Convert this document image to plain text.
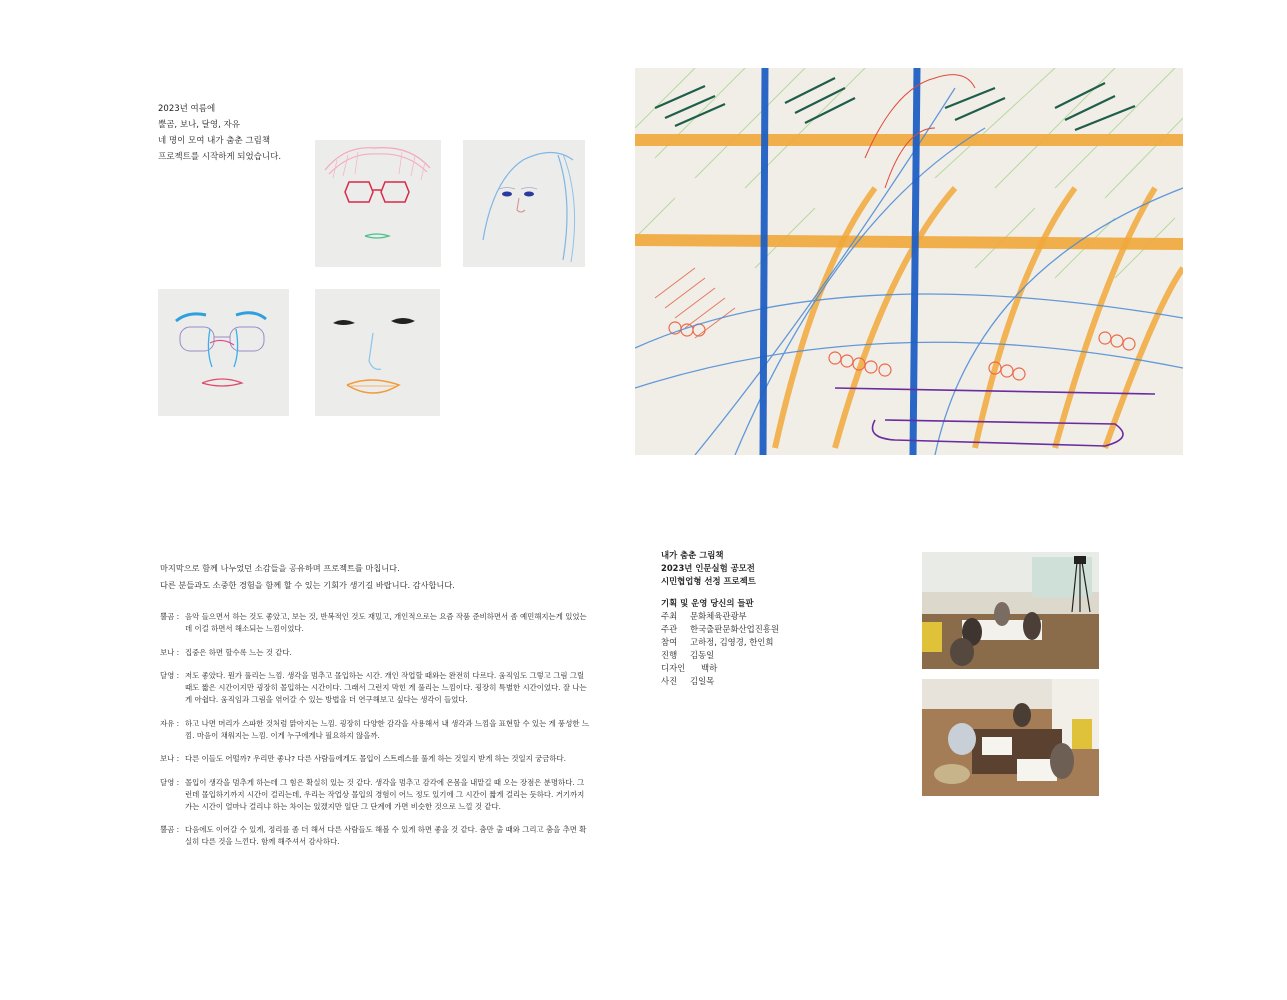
2023년 여름에
뿔곰, 보나, 달영, 자유
네 명이 모여 내가 춤춘 그림책
프로젝트를 시작하게 되었습니다.
마지막으로 함께 나누었던 소감들을 공유하며 프로젝트를 마칩니다.
다른 분들과도 소중한 경험을 함께 할 수 있는 기회가 생기길 바랍니다. 감사합니다.
뿔곰 : 음악 들으면서 하는 것도 좋았고, 보는 것, 반복적인 것도 재밌고, 개인적으로는 요즘 작품 준비하면서 좀 예민해지는게 있었는데 이걸 하면서 해소되는 느낌이었다.
보나 : 집중은 하면 할수록 느는 것 같다.
달영 : 저도 좋았다. 뭔가 풀리는 느낌. 생각을 멈추고 몰입하는 시간. 개인 작업할 때와는 완전히 다르다. 움직임도 그렇고 그림 그릴 때도 짧은 시간이지만 굉장히 몰입하는 시간이다. 그래서 그런지 막힌 게 풀리는 느낌이다. 굉장히 특별한 시간이었다. 잘 나는 게 아쉽다. 움직임과 그림을 엮어갈 수 있는 방법을 더 연구해보고 싶다는 생각이 들었다.
자유 : 하고 나면 머리가 스파한 것처럼 맑아지는 느낌. 굉장히 다양한 감각을 사용해서 내 생각과 느낌을 표현할 수 있는 게 풍성한 느낌. 마음이 채워지는 느낌. 이게 누구에게나 필요하지 않을까.
보나 : 다른 이들도 어떨까? 우리만 좋나? 다른 사람들에게도 몰입이 스트레스를 풀게 하는 것일지 받게 하는 것일지 궁금하다.
달영 : 몰입이 생각을 멈추게 하는데 그 힘은 확실히 있는 것 같다. 생각을 멈추고 감각에 온몸을 내맡길 때 오는 장점은 분명하다. 그런데 몰입하기까지 시간이 걸리는데, 우리는 작업상 몰입의 경험이 어느 정도 있기에 그 시간이 짧게 걸리는 듯하다. 거기까지 가는 시간이 얼마나 걸리냐 하는 차이는 있겠지만 일단 그 단계에 가면 비슷한 것으로 느낄 것 같다.
뿔곰 : 다음에도 이어갈 수 있게, 정리를 좀 더 해서 다른 사람들도 해볼 수 있게 하면 좋을 것 같다. 춤만 출 때와 그리고 춤을 추면 확실히 다른 것을 느낀다. 함께 해주셔서 감사하다.
내가 춤춘 그림책
2023년 인문실험 공모전
시민협업형 선정 프로젝트
기획 및 운영 당신의 들판
주최	문화체육관광부
주관	한국출판문화산업진흥원
참여	고하정, 김영경, 한인희
진행	김동일
디자인	백하
사진	김일목
